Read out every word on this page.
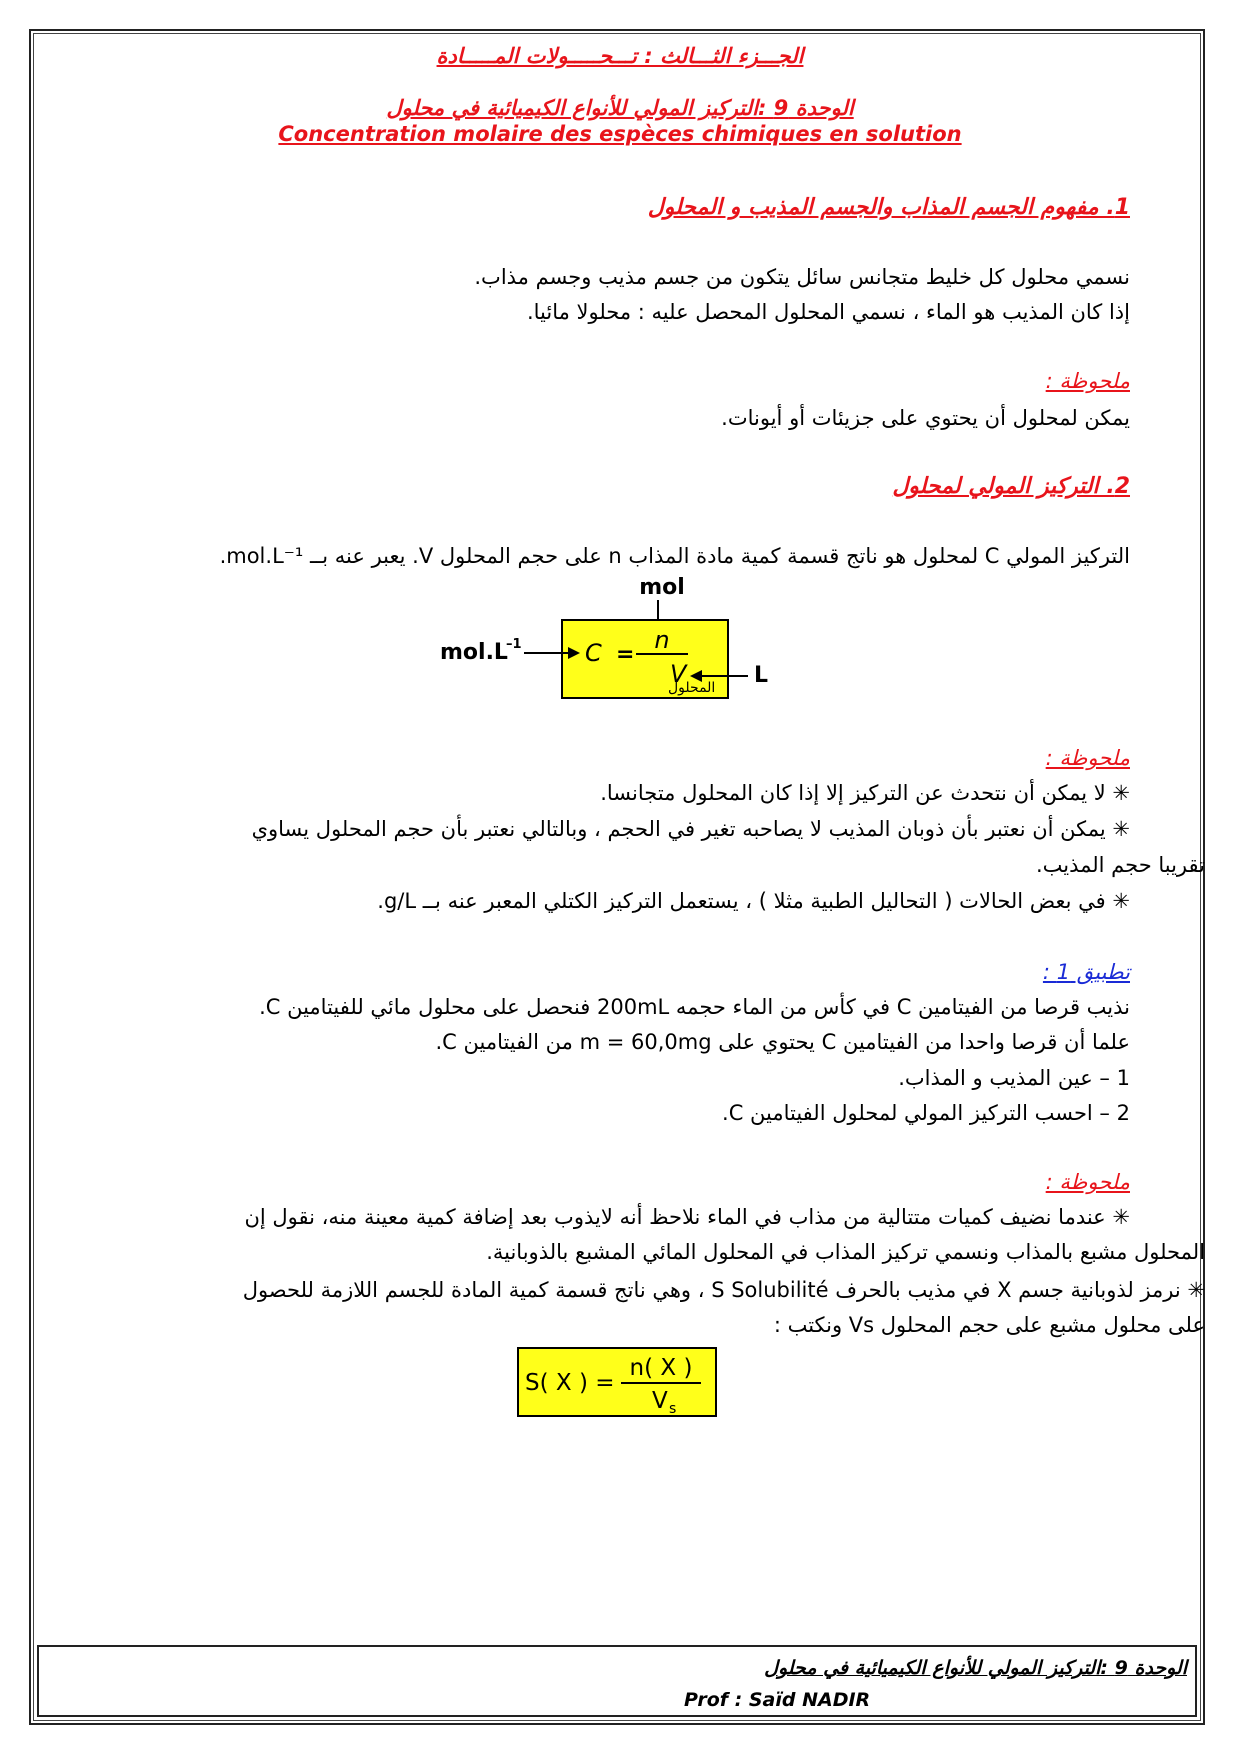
الجـــزء الثـــالث : تـــحـــــولات المـــــادة
الوحدة 9 :التركيز المولي للأنواع الكيميائية في محلول
Concentration molaire des espèces chimiques en solution
1. مفهوم الجسم المذاب والجسم المذيب و المحلول
نسمي محلول كل خليط متجانس سائل يتكون من جسم مذيب وجسم مذاب.
إذا كان المذيب هو الماء ، نسمي المحلول المحصل عليه : محلولا مائيا.
ملحوظة :
يمكن لمحلول أن يحتوي على جزيئات أو أيونات.
2. التركيز المولي لمحلول
التركيز المولي C لمحلول هو ناتج قسمة كمية مادة المذاب n على حجم المحلول V. يعبر عنه بــ mol.L⁻¹.
mol
mol.L
–1	C =
n
V
المحلول L
ملحوظة :
✳ لا يمكن أن نتحدث عن التركيز إلا إذا كان المحلول متجانسا.
✳ يمكن أن نعتبر بأن ذوبان المذيب لا يصاحبه تغير في الحجم ، وبالتالي نعتبر بأن حجم المحلول يساوي
تقريبا حجم المذيب.
✳ في بعض الحالات ( التحاليل الطبية مثلا ) ، يستعمل التركيز الكتلي المعبر عنه بــ g/L.
تطبيق 1 :
نذيب قرصا من الفيتامين C في كأس من الماء حجمه 200mL فنحصل على محلول مائي للفيتامين C.
علما أن قرصا واحدا من الفيتامين C يحتوي على m = 60,0mg من الفيتامين C.
1 – عين المذيب و المذاب.
2 – احسب التركيز المولي لمحلول الفيتامين C.
ملحوظة :
✳ عندما نضيف كميات متتالية من مذاب في الماء نلاحظ أنه لايذوب بعد إضافة كمية معينة منه، نقول إن
المحلول مشبع بالمذاب ونسمي تركيز المذاب في المحلول المائي المشبع بالذوبانية.
✳ نرمز لذوبانية جسم X في مذيب بالحرف S Solubilité ، وهي ناتج قسمة كمية المادة للجسم اللازمة للحصول
على محلول مشبع على حجم المحلول Vs ونكتب :
S( X ) =
n( X )
V s
الوحدة 9 :التركيز المولي للأنواع الكيميائية في محلول
Prof : Saïd NADIR
